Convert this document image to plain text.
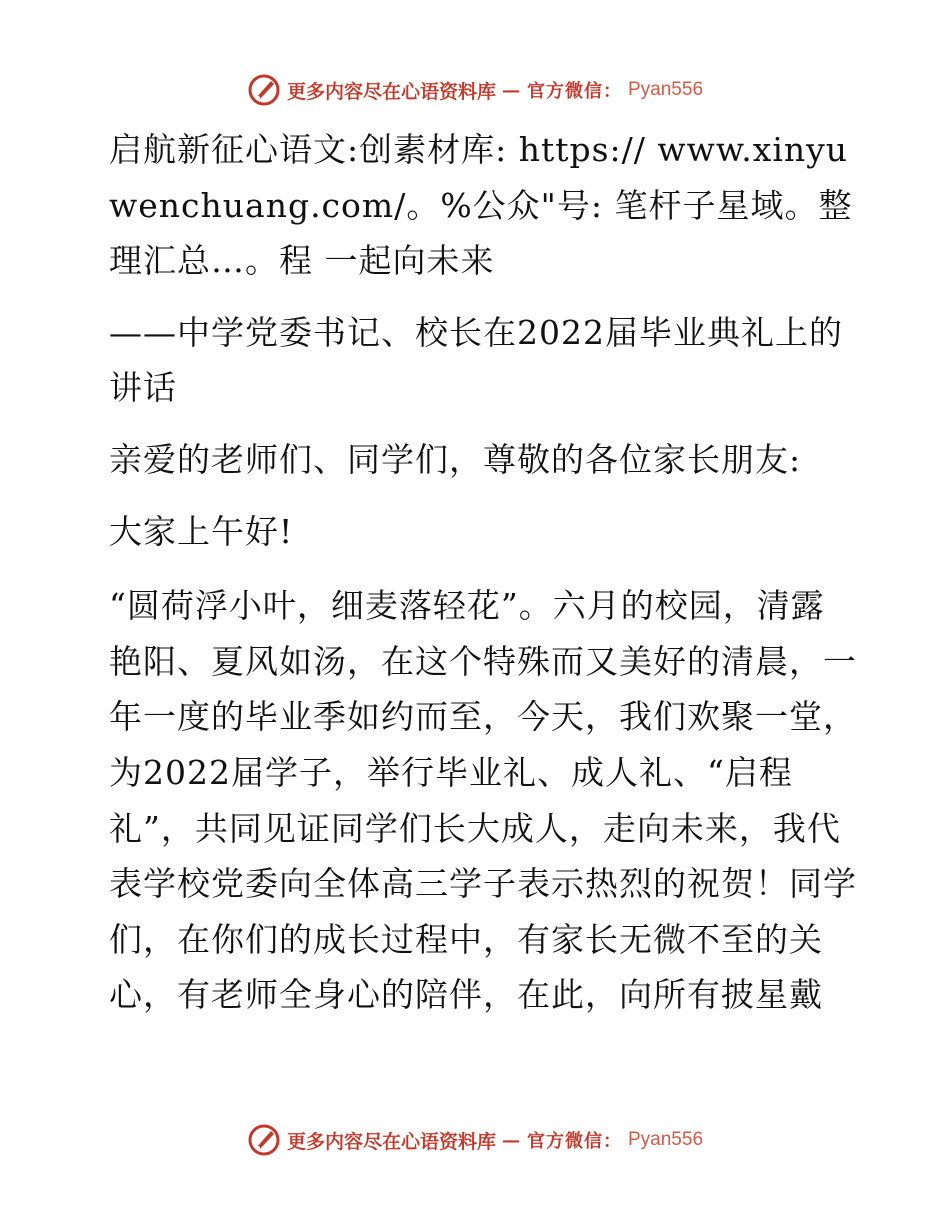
更多内容尽在心语资料库 — 官方微信： Pyan556

启航新征心语文:创素材库: https:// www.xinyuwenchuang.com/。%公众"号: 笔杆子星域。整理汇总…。程 一起向未来

——中学党委书记、校长在2022届毕业典礼上的讲话

亲爱的老师们、同学们，尊敬的各位家长朋友:

大家上午好!

“圆荷浮小叶，细麦落轻花”。六月的校园，清露艳阳、夏风如汤，在这个特殊而又美好的清晨，一年一度的毕业季如约而至，今天，我们欢聚一堂，为2022届学子，举行毕业礼、成人礼、“启程礼”，共同见证同学们长大成人，走向未来，我代表学校党委向全体高三学子表示热烈的祝贺！同学们，在你们的成长过程中，有家长无微不至的关心，有老师全身心的陪伴，在此，向所有披星戴

更多内容尽在心语资料库 — 官方微信： Pyan556
